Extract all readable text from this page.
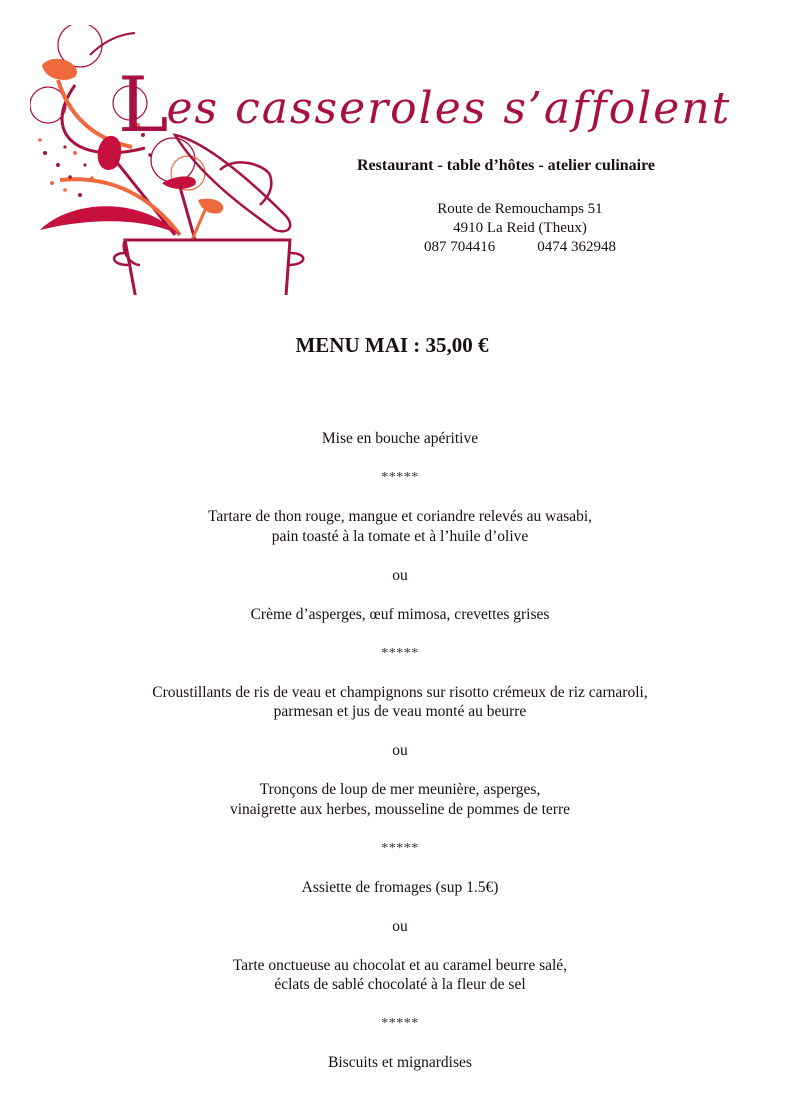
Les casseroles s’affolent
Restaurant - table d’hôtes - atelier culinaire
Route de Remouchamps 51
4910 La Reid (Theux)
087 704416	0474 362948
MENU MAI : 35,00 €

Mise en bouche apéritive

*****

Tartare de thon rouge, mangue et coriandre relevés au wasabi,

pain toasté à la tomate et à l’huile d’olive

ou

Crème d’asperges, œuf mimosa, crevettes grises

*****

Croustillants de ris de veau et champignons sur risotto crémeux de riz carnaroli,

parmesan et jus de veau monté au beurre

ou

Tronçons de loup de mer meunière, asperges,

vinaigrette aux herbes, mousseline de pommes de terre

*****

Assiette de fromages (sup 1.5€)

ou

Tarte onctueuse au chocolat et au caramel beurre salé,

éclats de sablé chocolaté à la fleur de sel

*****

Biscuits et mignardises
